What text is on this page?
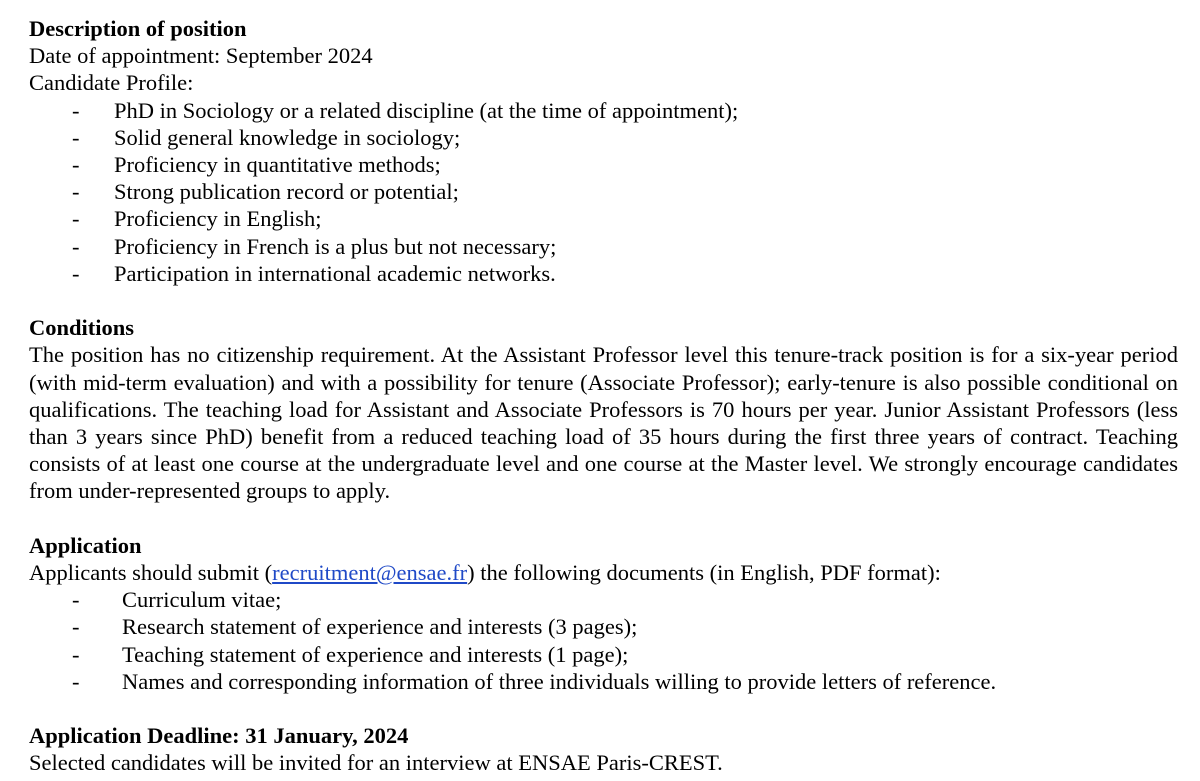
Description of position

Date of appointment: September 2024

Candidate Profile:

- PhD in Sociology or a related discipline (at the time of appointment);
- Solid general knowledge in sociology;
- Proficiency in quantitative methods;
- Strong publication record or potential;
- Proficiency in English;
- Proficiency in French is a plus but not necessary;
- Participation in international academic networks.

Conditions

The position has no citizenship requirement. At the Assistant Professor level this tenure-track position is for a six-year period (with mid-term evaluation) and with a possibility for tenure (Associate Professor); early-tenure is also possible conditional on qualifications. The teaching load for Assistant and Associate Professors is 70 hours per year. Junior Assistant Professors (less than 3 years since PhD) benefit from a reduced teaching load of 35 hours during the first three years of contract. Teaching consists of at least one course at the undergraduate level and one course at the Master level. We strongly encourage candidates from under-represented groups to apply.

Application

Applicants should submit (recruitment@ensae.fr) the following documents (in English, PDF format):

- Curriculum vitae;
- Research statement of experience and interests (3 pages);
- Teaching statement of experience and interests (1 page);
- Names and corresponding information of three individuals willing to provide letters of reference.

Application Deadline: 31 January, 2024

Selected candidates will be invited for an interview at ENSAE Paris-CREST.
